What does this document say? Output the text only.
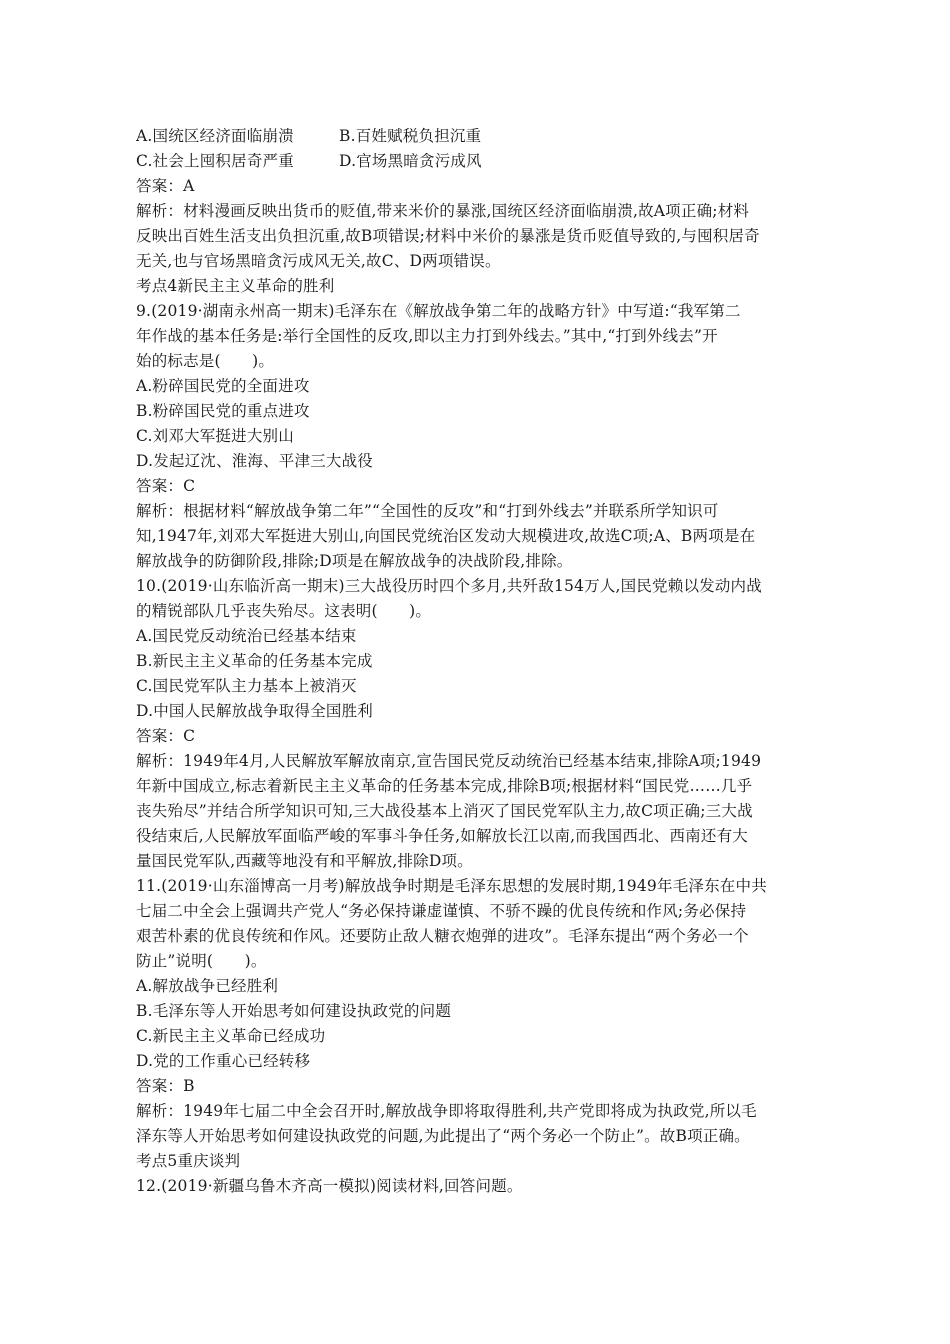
A.国统区经济面临崩溃	B.百姓赋税负担沉重
C.社会上囤积居奇严重	D.官场黑暗贪污成风
答案：A
解析：材料漫画反映出货币的贬值,带来米价的暴涨,国统区经济面临崩溃,故A项正确;材料
反映出百姓生活支出负担沉重,故B项错误;材料中米价的暴涨是货币贬值导致的,与囤积居奇
无关,也与官场黑暗贪污成风无关,故C、D两项错误。
考点4新民主主义革命的胜利
9.(2019·湖南永州高一期末)毛泽东在《解放战争第二年的战略方针》中写道:“我军第二
年作战的基本任务是:举行全国性的反攻,即以主力打到外线去。”其中,“打到外线去”开
始的标志是(　　)。
A.粉碎国民党的全面进攻
B.粉碎国民党的重点进攻
C.刘邓大军挺进大别山
D.发起辽沈、淮海、平津三大战役
答案：C
解析：根据材料“解放战争第二年”“全国性的反攻”和“打到外线去”并联系所学知识可
知,1947年,刘邓大军挺进大别山,向国民党统治区发动大规模进攻,故选C项;A、B两项是在
解放战争的防御阶段,排除;D项是在解放战争的决战阶段,排除。
10.(2019·山东临沂高一期末)三大战役历时四个多月,共歼敌154万人,国民党赖以发动内战
的精锐部队几乎丧失殆尽。这表明(　　)。
A.国民党反动统治已经基本结束
B.新民主主义革命的任务基本完成
C.国民党军队主力基本上被消灭
D.中国人民解放战争取得全国胜利
答案：C
解析：1949年4月,人民解放军解放南京,宣告国民党反动统治已经基本结束,排除A项;1949
年新中国成立,标志着新民主主义革命的任务基本完成,排除B项;根据材料“国民党……几乎
丧失殆尽”并结合所学知识可知,三大战役基本上消灭了国民党军队主力,故C项正确;三大战
役结束后,人民解放军面临严峻的军事斗争任务,如解放长江以南,而我国西北、西南还有大
量国民党军队,西藏等地没有和平解放,排除D项。
11.(2019·山东淄博高一月考)解放战争时期是毛泽东思想的发展时期,1949年毛泽东在中共
七届二中全会上强调共产党人“务必保持谦虚谨慎、不骄不躁的优良传统和作风;务必保持
艰苦朴素的优良传统和作风。还要防止敌人糖衣炮弹的进攻”。毛泽东提出“两个务必一个
防止”说明(　　)。
A.解放战争已经胜利
B.毛泽东等人开始思考如何建设执政党的问题
C.新民主主义革命已经成功
D.党的工作重心已经转移
答案：B
解析：1949年七届二中全会召开时,解放战争即将取得胜利,共产党即将成为执政党,所以毛
泽东等人开始思考如何建设执政党的问题,为此提出了“两个务必一个防止”。故B项正确。
考点5重庆谈判
12.(2019·新疆乌鲁木齐高一模拟)阅读材料,回答问题。
